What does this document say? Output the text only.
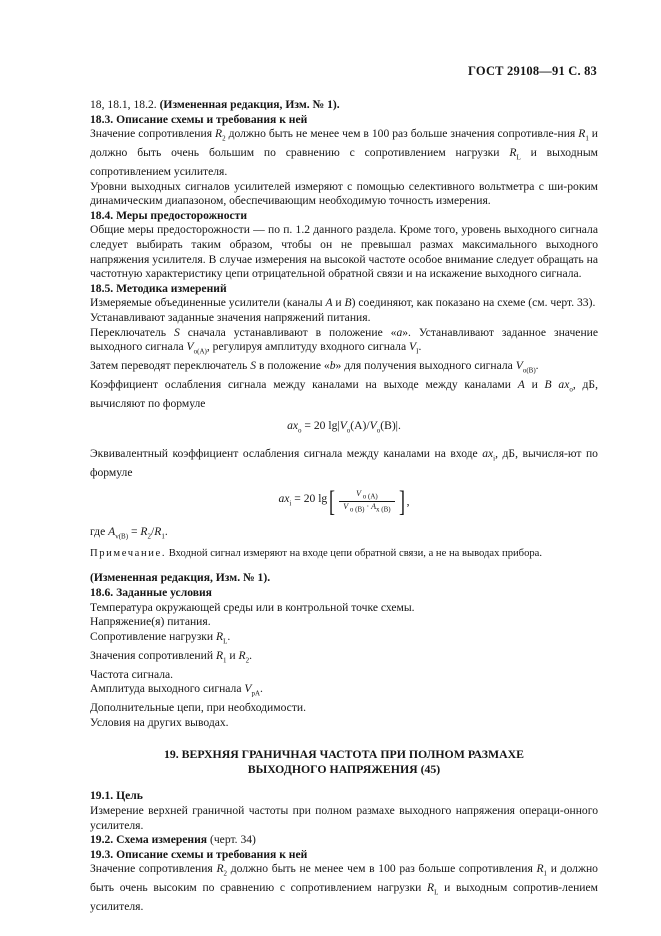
ГОСТ 29108—91 С. 83
18, 18.1, 18.2. (Измененная редакция, Изм. № 1).
18.3. Описание схемы и требования к ней
Значение сопротивления $R_2$ должно быть не менее чем в 100 раз больше значения сопротивле-ния $R_1$ и должно быть очень большим по сравнению с сопротивлением нагрузки $R_L$ и выходным сопротивлением усилителя.
Уровни выходных сигналов усилителей измеряют с помощью селективного вольтметра с ши-роким динамическим диапазоном, обеспечивающим необходимую точность измерения.
18.4. Меры предосторожности
Общие меры предосторожности — по п. 1.2 данного раздела. Кроме того, уровень выходного сигнала следует выбирать таким образом, чтобы он не превышал размах максимального выходного напряжения усилителя. В случае измерения на высокой частоте особое внимание следует обращать на частотную характеристику цепи отрицательной обратной связи и на искажение выходного сигнала.
18.5. Методика измерений
Измеряемые объединенные усилители (каналы A и B) соединяют, как показано на схеме (см. черт. 33).
Устанавливают заданные значения напряжений питания.
Переключатель S сначала устанавливают в положение «a». Устанавливают заданное значение выходного сигнала $V_{o(A)}$, регулируя амплитуду входного сигнала $V_I$.
Затем переводят переключатель S в положение «b» для получения выходного сигнала $V_{o(B)}$.
Коэффициент ослабления сигнала между каналами на выходе между каналами A и B $ax_o$, дБ, вычисляют по формуле
$ax_o = 20$ $\lg|V_o(A)/V_o(B)|$.
Эквивалентный коэффициент ослабления сигнала между каналами на входе $ax_i$, дБ, вычисля-ют по формуле
$ax_i = 20$ lg [ $\frac{V _{o (A)}}{V _{o (B)} \cdot A_x _{(B)}}$ ] ,
где $A_{v(B)} = R_2/R_1$.
Примечание. Входной сигнал измеряют на входе цепи обратной связи, а не на выводах прибора.
(Измененная редакция, Изм. № 1).
18.6. Заданные условия
Температура окружающей среды или в контрольной точке схемы.
Напряжение(я) питания.
Сопротивление нагрузки $R_L$.
Значения сопротивлений $R_1$ и $R_2$.
Частота сигнала.
Амплитуда выходного сигнала $V_{pA}$.
Дополнительные цепи, при необходимости.
Условия на других выводах.
19. ВЕРХНЯЯ ГРАНИЧНАЯ ЧАСТОТА ПРИ ПОЛНОМ РАЗМАХЕ
ВЫХОДНОГО НАПРЯЖЕНИЯ (45)
19.1. Цель
Измерение верхней граничной частоты при полном размахе выходного напряжения операци-онного усилителя.
19.2. Схема измерения (черт. 34)
19.3. Описание схемы и требования к ней
Значение сопротивления $R_2$ должно быть не менее чем в 100 раз больше сопротивления $R_1$ и должно быть очень высоким по сравнению с сопротивлением нагрузки $R_L$ и выходным сопротив-лением усилителя.
